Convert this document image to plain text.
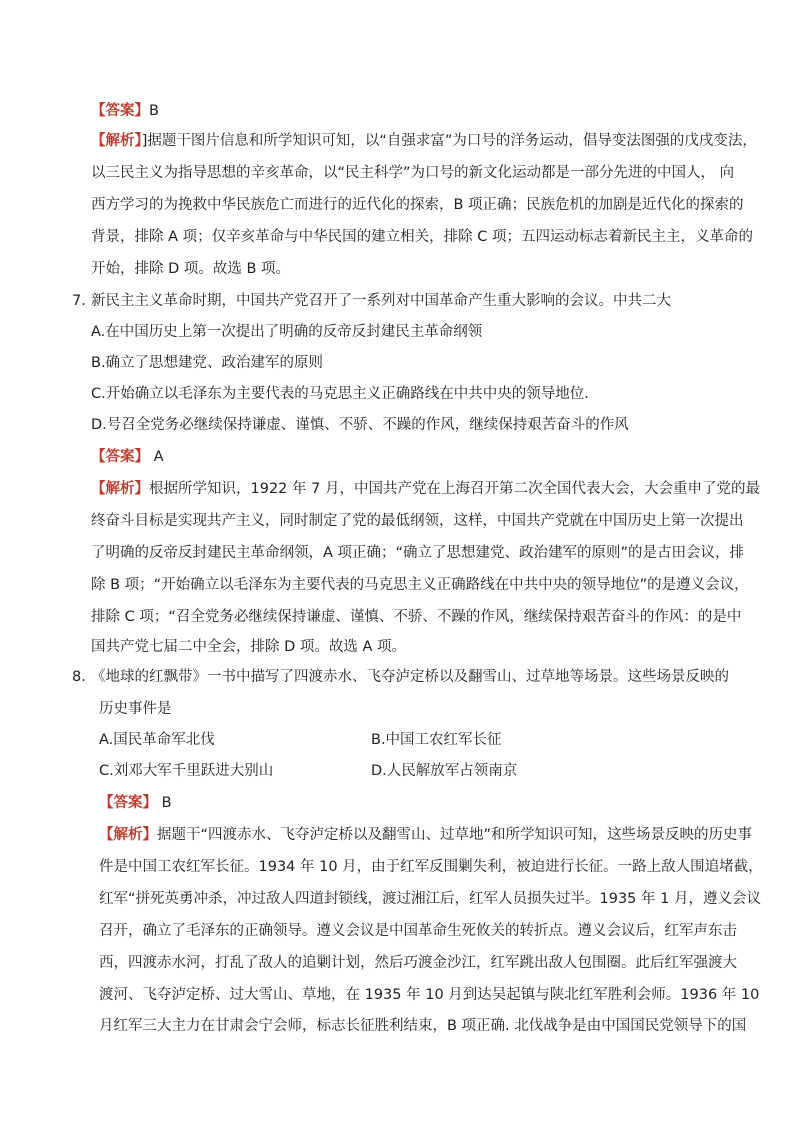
【答案】B
【解析】]据题干图片信息和所学知识可知，以“自强求富”为口号的洋务运动，倡导变法图强的戊戌变法，
以三民主义为指导思想的辛亥革命，以“民主科学”为口号的新文化运动都是一部分先进的中国人， 向
西方学习的为挽救中华民族危亡而进行的近代化的探索，B 项正确；民族危机的加剧是近代化的探索的
背景，排除 A 项；仅辛亥革命与中华民国的建立相关，排除 C 项；五四运动标志着新民主主，义革命的
开始，排除 D 项。故选 B 项。
7．
新民主主义革命时期，中国共产党召开了一系列对中国革命产生重大影响的会议。中共二大
A.在中国历史上第一次提出了明确的反帝反封建民主革命纲领
B.确立了思想建党、政治建军的原则
C.开始确立以毛泽东为主要代表的马克思主义正确路线在中共中央的领导地位.
D.号召全党务必继续保持谦虚、谨慎、不骄、不躁的作风，继续保持艰苦奋斗的作风
【答案】 A
【解析】根据所学知识，1922 年 7 月，中国共产党在上海召开第二次全国代表大会，大会重申了党的最
终奋斗目标是实现共产主义，同时制定了党的最低纲领，这样，中国共产党就在中国历史上第一次提出
了明确的反帝反封建民主革命纲领，A 项正确；“确立了思想建党、政治建军的原则”的是古田会议，排
除 B 项；“开始确立以毛泽东为主要代表的马克思主义正确路线在中共中央的领导地位”的是遵义会议，
排除 C 项；“召全党务必继续保持谦虚、谨慎、不骄、不躁的作风，继续保持艰苦奋斗的作风：的是中
国共产党七届二中全会，排除 D 项。故选 A 项。
8．
《地球的红飘带》一书中描写了四渡赤水、飞夺泸定桥以及翻雪山、过草地等场景。这些场景反映的
历史事件是
A.国民革命军北伐	B.中国工农红军长征
C.刘邓大军千里跃进大别山	D.人民解放军占领南京
【答案】 B
【解析】据题干“四渡赤水、飞夺泸定桥以及翻雪山、过草地”和所学知识可知，这些场景反映的历史事
件是中国工农红军长征。1934 年 10 月，由于红军反围剿失利，被迫进行长征。一路上敌人围追堵截，
红军“拼死英勇冲杀，冲过敌人四道封锁线，渡过湘江后，红军人员损失过半。1935 年 1 月，遵义会议
召开，确立了毛泽东的正确领导。遵义会议是中国革命生死攸关的转折点。遵义会议后，红军声东击
西，四渡赤水河，打乱了敌人的追剿计划，然后巧渡金沙江，红军跳出敌人包围圈。此后红军强渡大
渡河、飞夺泸定桥、过大雪山、草地，在 1935 年 10 月到达吴起镇与陕北红军胜利会师。1936 年 10
月红军三大主力在甘肃会宁会师，标志长征胜利结束，B 项正确. 北伐战争是由中国国民党领导下的国
